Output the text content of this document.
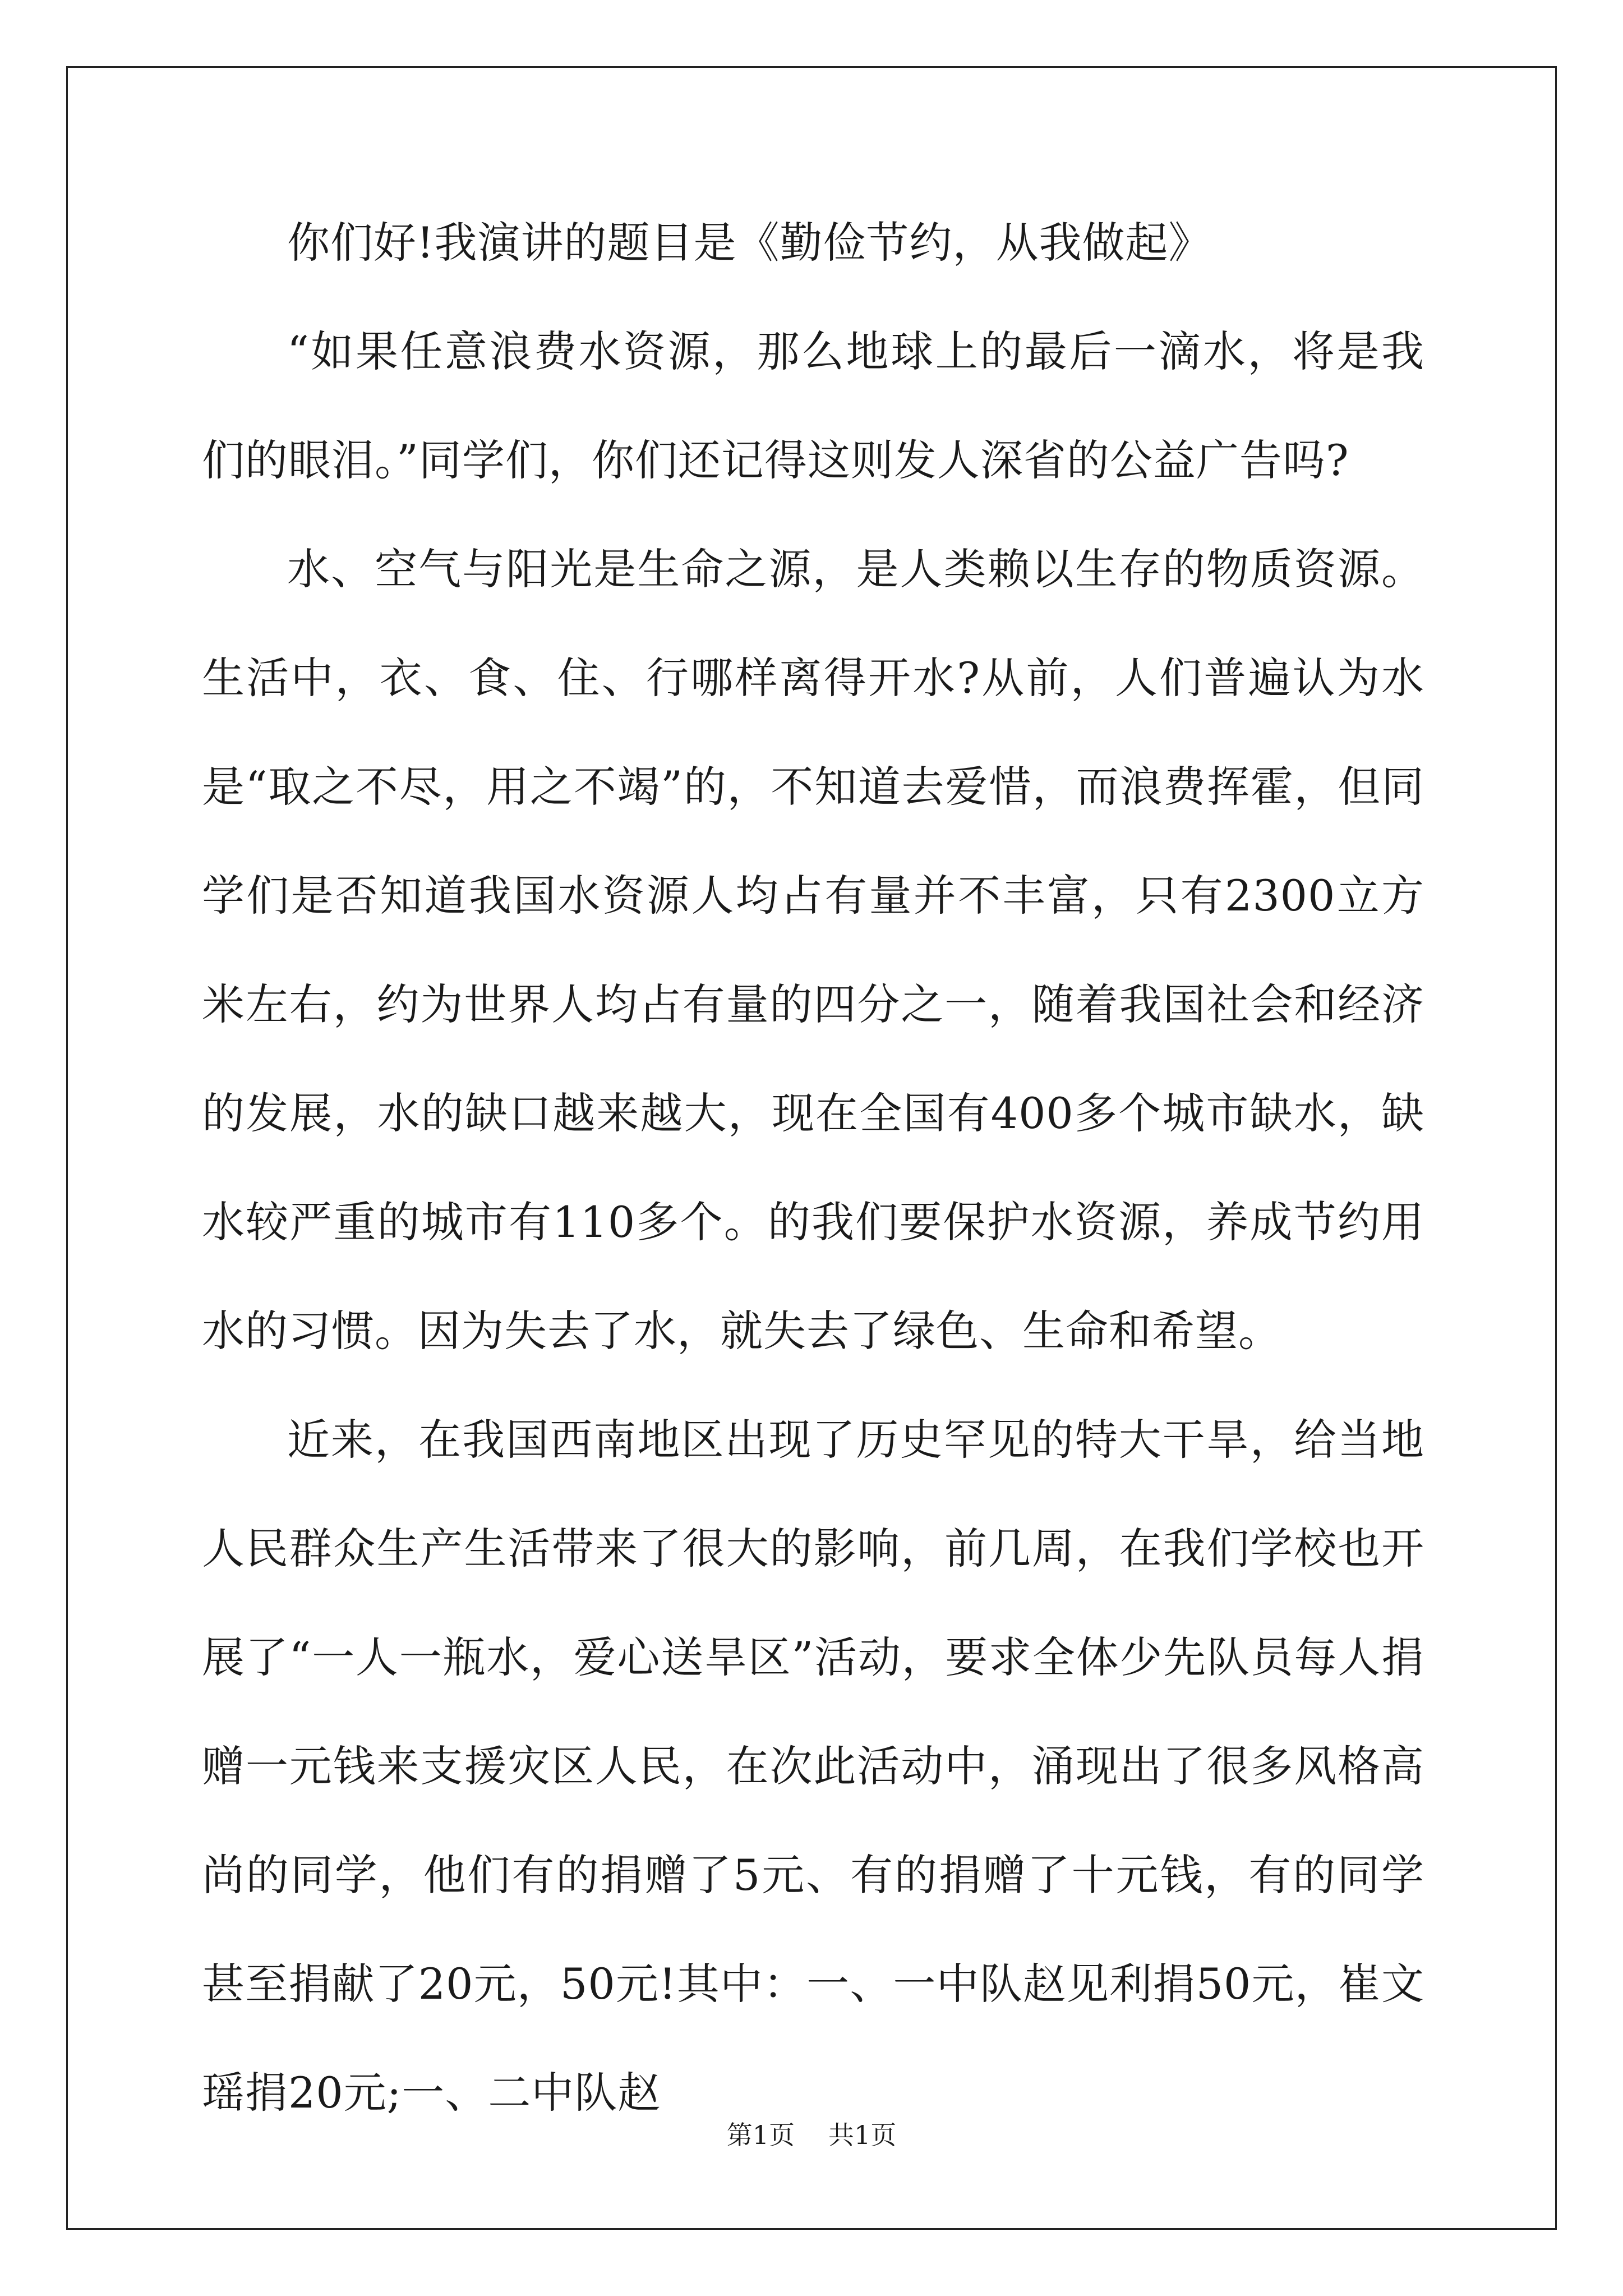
你们好!我演讲的题目是《勤俭节约，从我做起》

“如果任意浪费水资源，那么地球上的最后一滴水，将是我们的眼泪。”同学们，你们还记得这则发人深省的公益广告吗?

水、空气与阳光是生命之源，是人类赖以生存的物质资源。生活中，衣、食、住、行哪样离得开水?从前，人们普遍认为水是“取之不尽，用之不竭”的，不知道去爱惜，而浪费挥霍，但同学们是否知道我国水资源人均占有量并不丰富，只有2300立方米左右，约为世界人均占有量的四分之一，随着我国社会和经济的发展，水的缺口越来越大，现在全国有400多个城市缺水，缺水较严重的城市有110多个。的我们要保护水资源，养成节约用水的习惯。因为失去了水，就失去了绿色、生命和希望。

近来，在我国西南地区出现了历史罕见的特大干旱，给当地人民群众生产生活带来了很大的影响，前几周，在我们学校也开展了“一人一瓶水，爱心送旱区”活动，要求全体少先队员每人捐赠一元钱来支援灾区人民，在次此活动中，涌现出了很多风格高尚的同学，他们有的捐赠了5元、有的捐赠了十元钱，有的同学甚至捐献了20元，50元!其中：一、一中队赵见利捐50元，崔文瑶捐20元;一、二中队赵

第1页 共1页
